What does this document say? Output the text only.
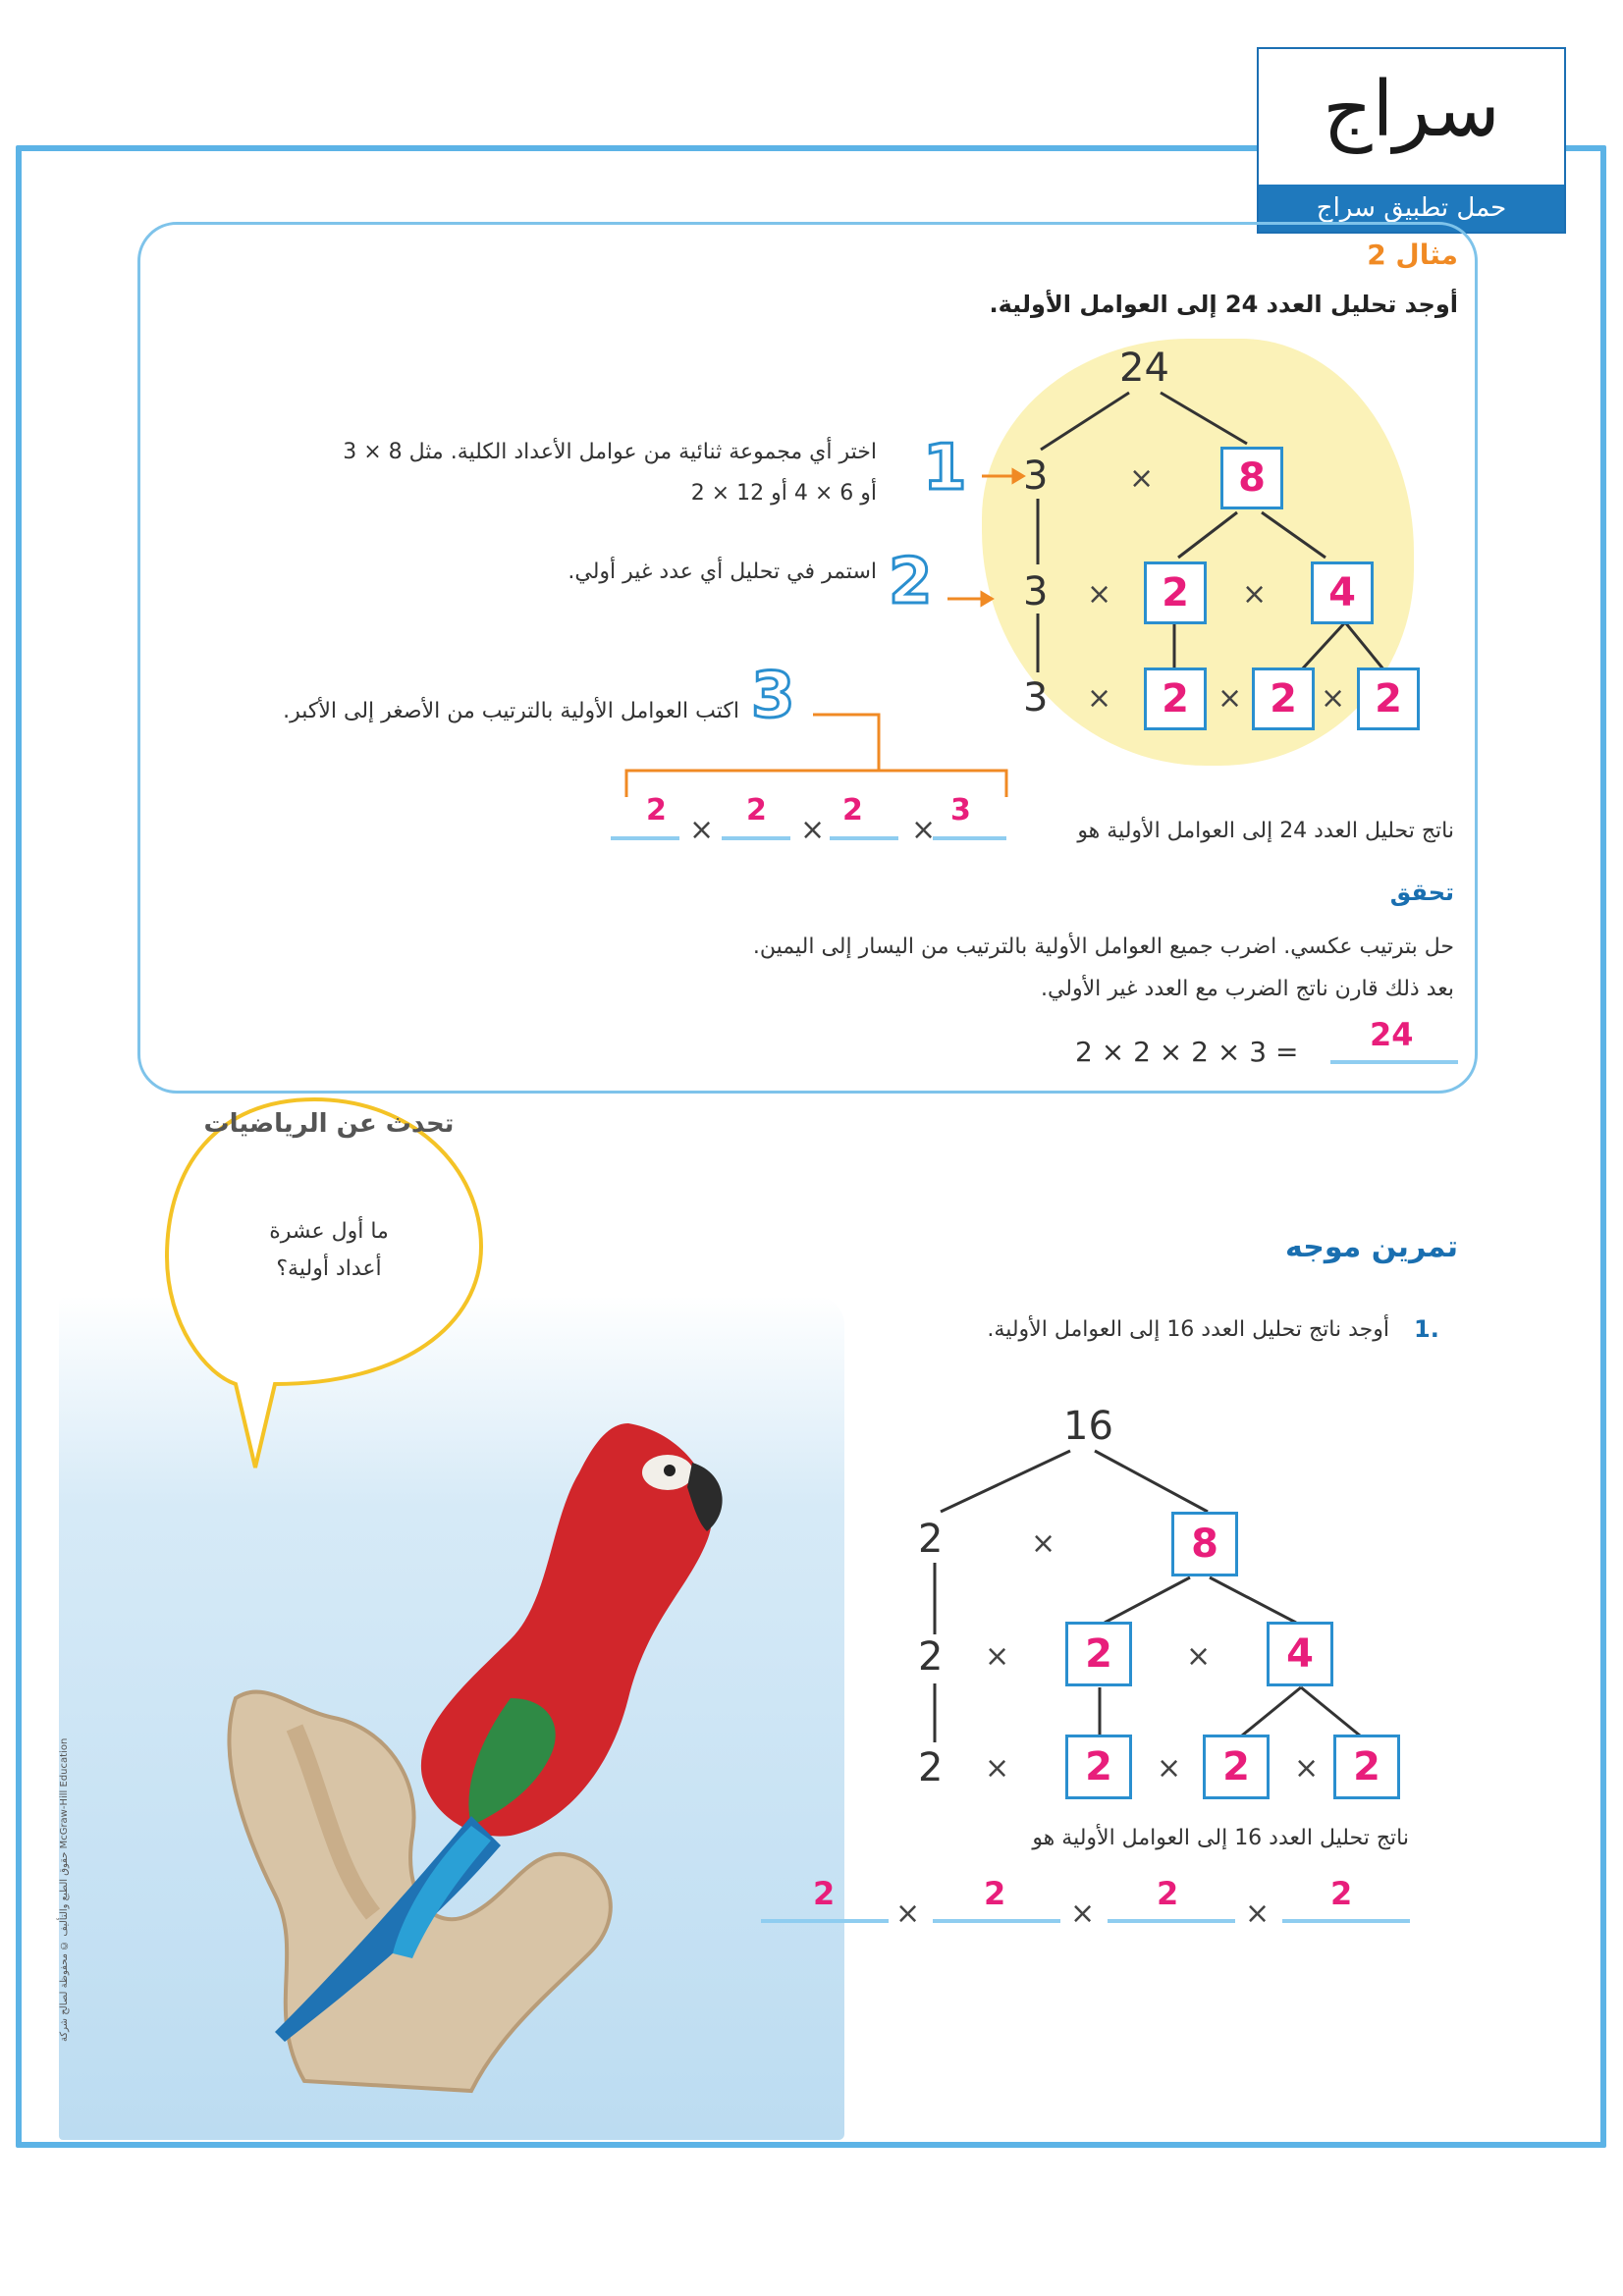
سراج
حمل تطبيق سراج
مثال 2
أوجد تحليل العدد 24 إلى العوامل الأولية.
اختر أي مجموعة ثنائية من عوامل الأعداد الكلية. مثل 8 × 3
أو 6 × 4 أو 12 × 2
استمر في تحليل أي عدد غير أولي.
اكتب العوامل الأولية بالترتيب من الأصغر إلى الأكبر.
1
2
3
24
3	×	8
3 ×	2	×	4
3 ×	2 × 2 × 2
ناتج تحليل العدد 24 إلى العوامل الأولية هو
3
×
2
×
2
×
2
تحقق
حل بترتيب عكسي. اضرب جميع العوامل الأولية بالترتيب من اليسار إلى اليمين.
بعد ذلك قارن ناتج الضرب مع العدد غير الأولي.
2 × 2 × 2 × 3 = 24
تحدث عن الرياضيات
ما أول عشرة
أعداد أولية؟
حقوق الطبع والتأليف © محفوظة لصالح شركة McGraw-Hill Education
تمرين موجه
1.
أوجد ناتج تحليل العدد 16 إلى العوامل الأولية.
16
2	×	8
2 ×	2	×	4
2 ×	2	×	2	× 2
ناتج تحليل العدد 16 إلى العوامل الأولية هو
2
×
2
×
2
×
2
